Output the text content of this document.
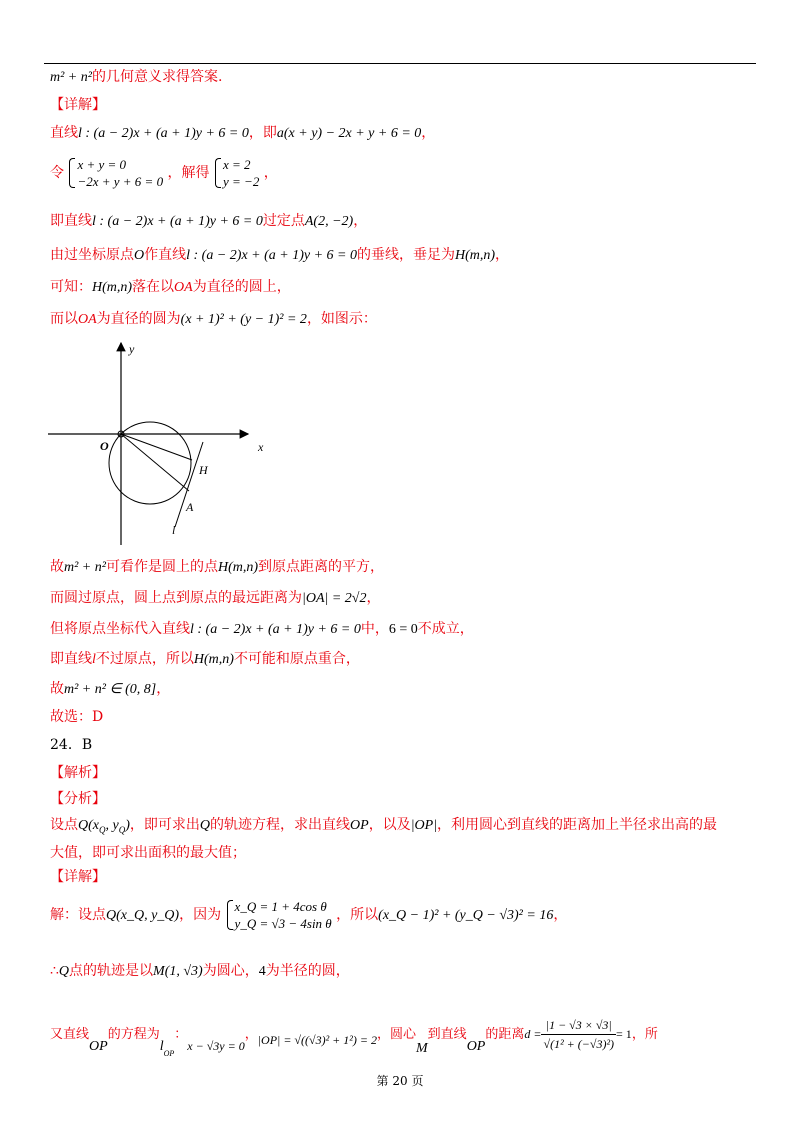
m² + n²的几何意义求得答案.
【详解】
直线l : (a − 2)x + (a + 1)y + 6 = 0，即a(x + y) − 2x + y + 6 = 0，
令
x + y = 0
−2x + y + 6 = 0
，解得
x = 2
y = −2
，
即直线l : (a − 2)x + (a + 1)y + 6 = 0过定点A(2, −2)，
由过坐标原点O作直线l : (a − 2)x + (a + 1)y + 6 = 0的垂线，垂足为H(m,n)，
可知：H(m,n)落在以OA为直径的圆上，
而以OA为直径的圆为(x + 1)² + (y − 1)² = 2，如图示：
y
x
O
H
A
l
故m² + n²可看作是圆上的点H(m,n)到原点距离的平方，
而圆过原点，圆上点到原点的最远距离为|OA| = 2√2，
但将原点坐标代入直线l : (a − 2)x + (a + 1)y + 6 = 0中，6 = 0不成立，
即直线l不过原点，所以H(m,n)不可能和原点重合，
故m² + n² ∈ (0, 8]，
故选：D
24．B
【解析】
【分析】
设点$Q(x_Q$, $y_Q$)，即可求出Q的轨迹方程，求出直线OP，以及|OP|，利用圆心到直线的距离加上半径求出高的最
大值，即可求出面积的最大值；
【详解】
解：设点Q(x_Q, y_Q)，因为
x_Q = 1 + 4cos θ
y_Q = √3 − 4sin θ
，所以(x_Q − 1)² + (y_Q − √3)² = 16，
∴Q点的轨迹是以M(1, √3)为圆心，4为半径的圆，
又直线OP的方程为$l_{OP}$：x − √3y = 0，|OP| = √((√3)² + 1²) = 2，圆心M到直线OP的距离$d = \frac{|1 - √3 \times √3|}{\text{√(1² + (−√3)²)}} = 1$，所
第 20 页
